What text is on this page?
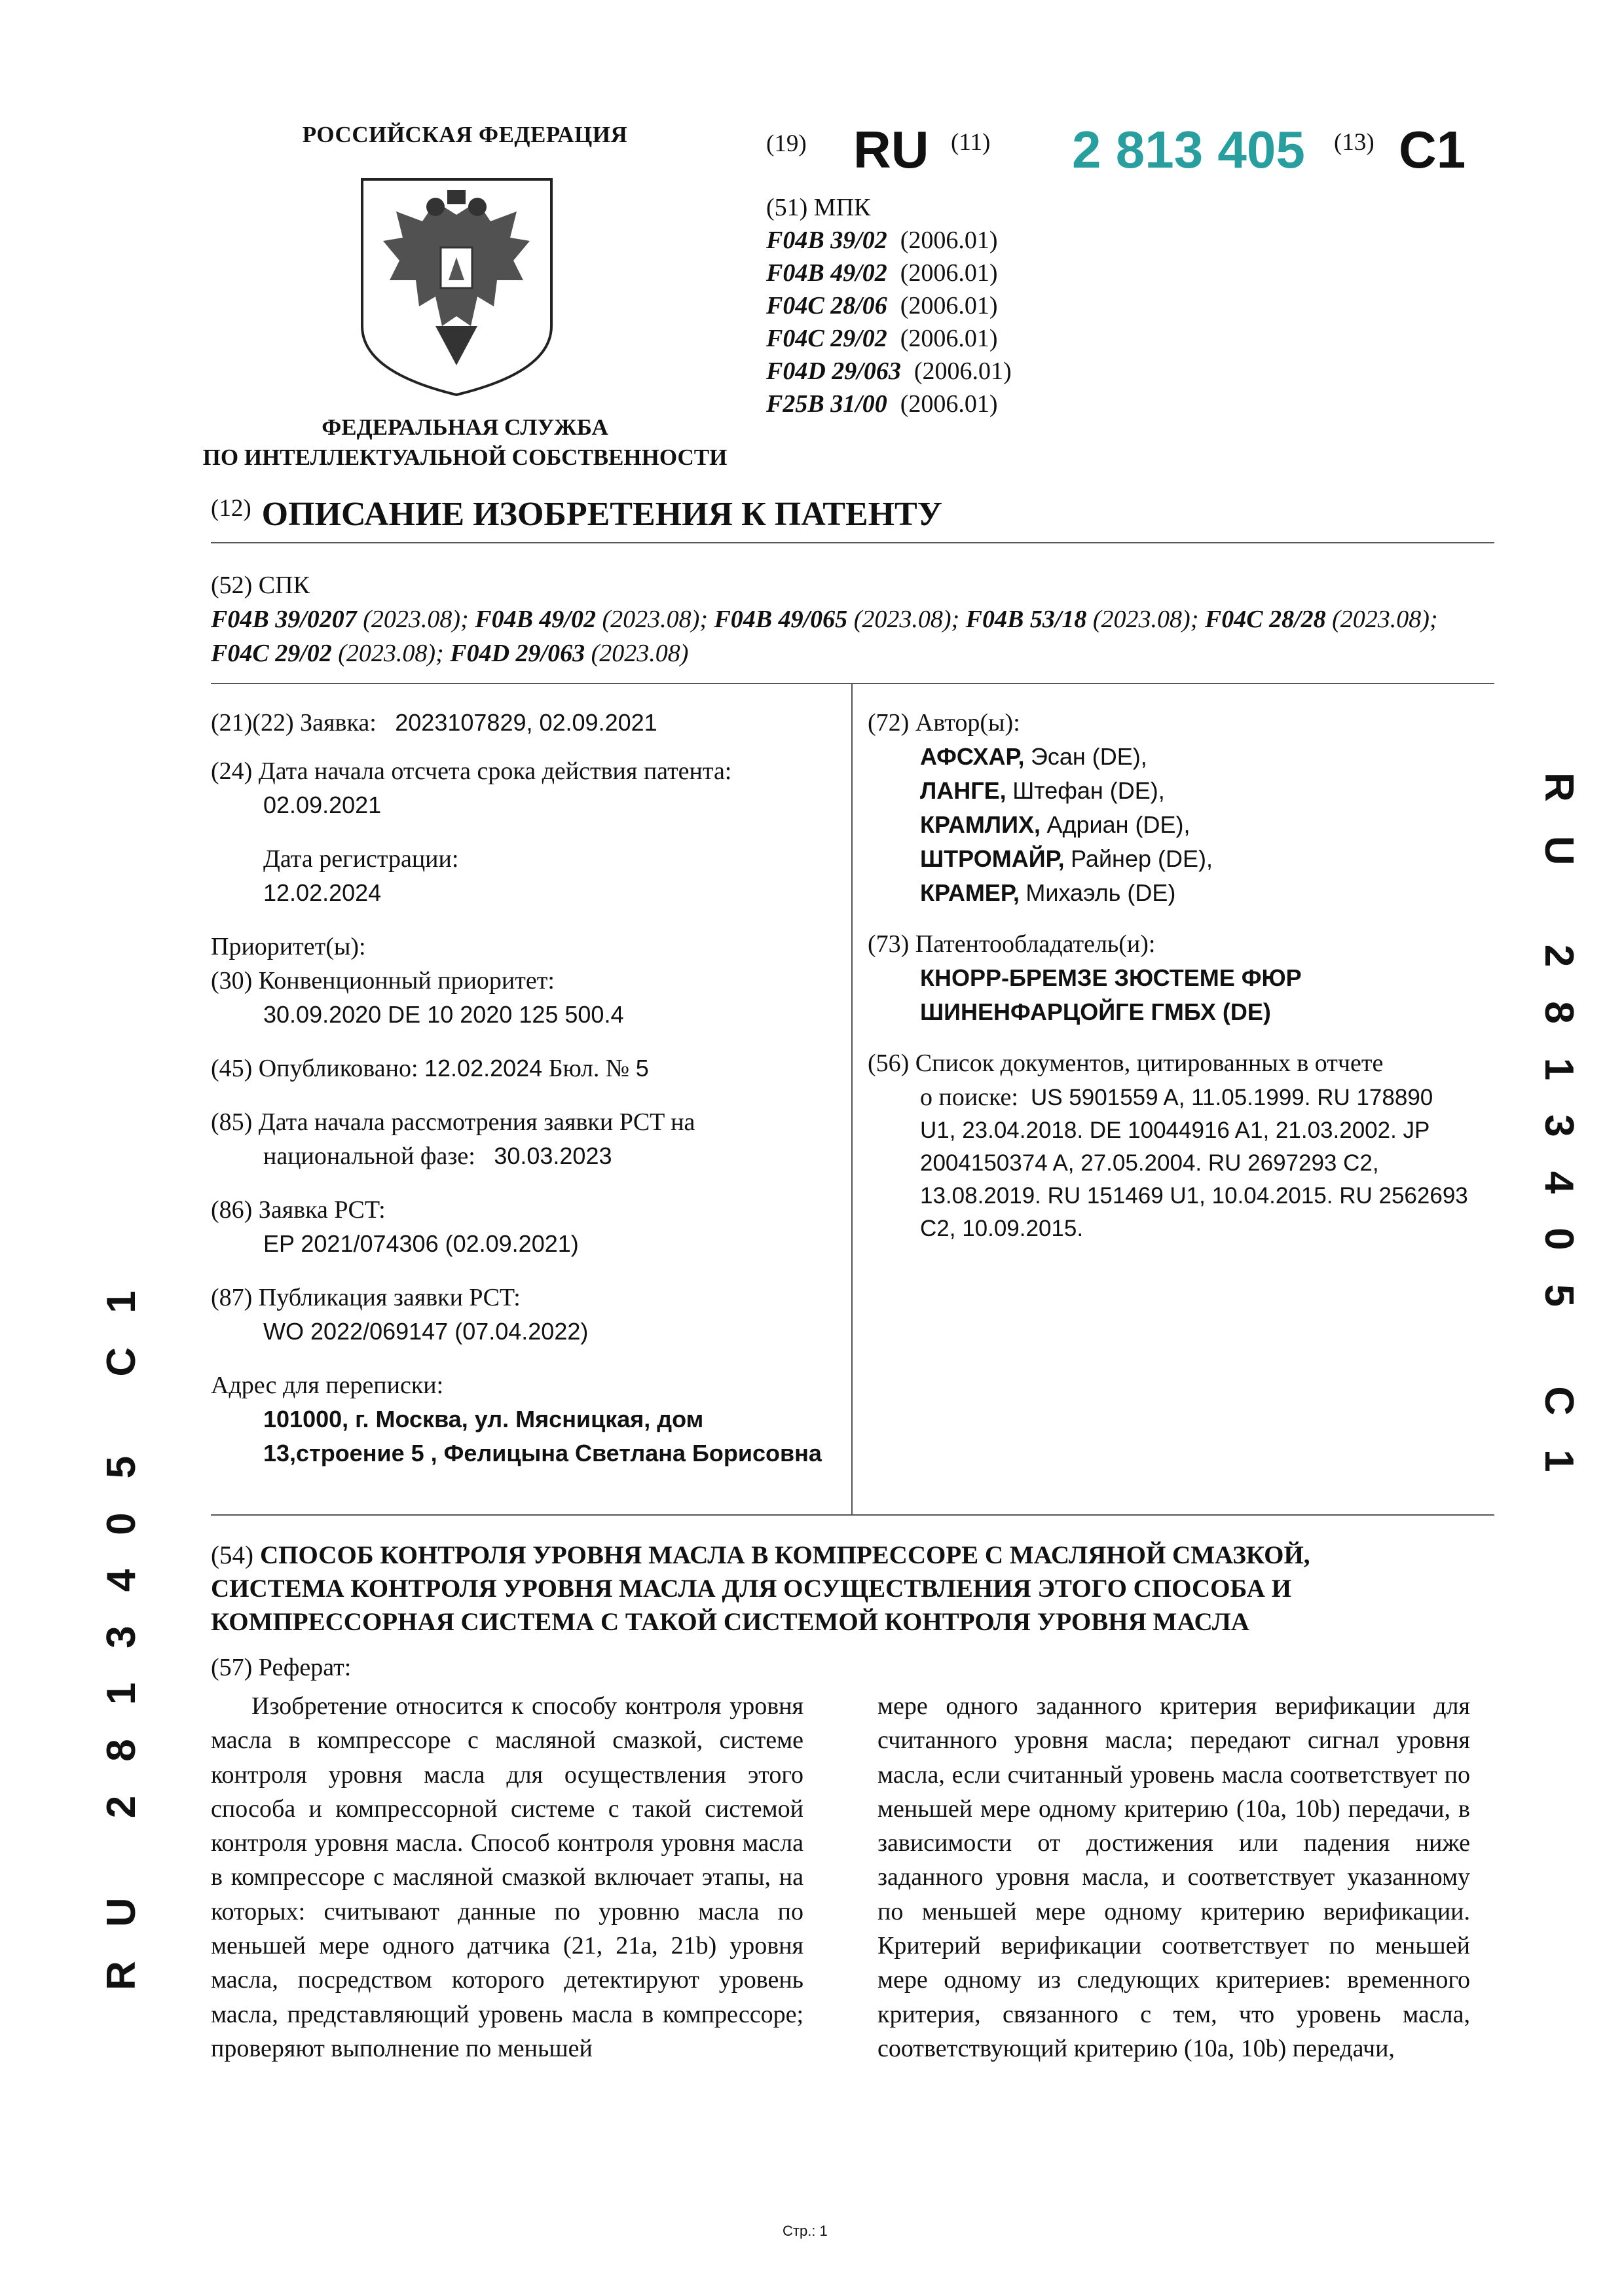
РОССИЙСКАЯ ФЕДЕРАЦИЯ
ФЕДЕРАЛЬНАЯ СЛУЖБА
ПО ИНТЕЛЛЕКТУАЛЬНОЙ СОБСТВЕННОСТИ
(19) RU (11) 2 813 405 (13) C1
(51) МПК
F04B 39/02 (2006.01)
F04B 49/02 (2006.01)
F04C 28/06 (2006.01)
F04C 29/02 (2006.01)
F04D 29/063 (2006.01)
F25B 31/00 (2006.01)
$^{(12)}$ ОПИСАНИЕ ИЗОБРЕТЕНИЯ К ПАТЕНТУ
(52) СПК
F04B 39/0207 (2023.08); F04B 49/02 (2023.08); F04B 49/065 (2023.08); F04B 53/18 (2023.08); F04C 28/28 (2023.08); F04C 29/02 (2023.08); F04D 29/063 (2023.08)
(21)(22) Заявка: 2023107829, 02.09.2021
(24) Дата начала отсчета срока действия патента:
02.09.2021
Дата регистрации:
12.02.2024
Приоритет(ы):
(30) Конвенционный приоритет:
30.09.2020 DE 10 2020 125 500.4
(45) Опубликовано: 12.02.2024 Бюл. № 5
(85) Дата начала рассмотрения заявки PCT на
национальной фазе: 30.03.2023
(86) Заявка PCT:
EP 2021/074306 (02.09.2021)
(87) Публикация заявки PCT:
WO 2022/069147 (07.04.2022)
Адрес для переписки:
101000, г. Москва, ул. Мясницкая, дом
13,строение 5 , Фелицына Светлана Борисовна
(72) Автор(ы):
АФСХАР, Эсан (DE),
ЛАНГЕ, Штефан (DE),
КРАМЛИХ, Адриан (DE),
ШТРОМАЙР, Райнер (DE),
КРАМЕР, Михаэль (DE)
(73) Патентообладатель(и):
КНОРР-БРЕМЗЕ ЗЮСТЕМЕ ФЮР
ШИНЕНФАРЦОЙГЕ ГМБХ (DE)
(56) Список документов, цитированных в отчете
о поиске: US 5901559 A, 11.05.1999. RU 178890
U1, 23.04.2018. DE 10044916 A1, 21.03.2002. JP
2004150374 A, 27.05.2004. RU 2697293 C2,
13.08.2019. RU 151469 U1, 10.04.2015. RU 2562693
C2, 10.09.2015.	RU 2813405 C1
RU 2813405 C1	(54) СПОСОБ КОНТРОЛЯ УРОВНЯ МАСЛА В КОМПРЕССОРЕ С МАСЛЯНОЙ СМАЗКОЙ,
СИСТЕМА КОНТРОЛЯ УРОВНЯ МАСЛА ДЛЯ ОСУЩЕСТВЛЕНИЯ ЭТОГО СПОСОБА И
КОМПРЕССОРНАЯ СИСТЕМА С ТАКОЙ СИСТЕМОЙ КОНТРОЛЯ УРОВНЯ МАСЛА
(57) Реферат:

Изобретение относится к способу контроля уровня масла в компрессоре с масляной смазкой, системе контроля уровня масла для осуществления этого способа и компрессорной системе с такой системой контроля уровня масла. Способ контроля уровня масла в компрессоре с масляной смазкой включает этапы, на которых: считывают данные по уровню масла по меньшей мере одного датчика (21, 21a, 21b) уровня масла, посредством которого детектируют уровень масла, представляющий уровень масла в компрессоре; проверяют выполнение по меньшей

мере одного заданного критерия верификации для считанного уровня масла; передают сигнал уровня масла, если считанный уровень масла соответствует по меньшей мере одному критерию (10a, 10b) передачи, в зависимости от достижения или падения ниже заданного уровня масла, и соответствует указанному по меньшей мере одному критерию верификации. Критерий верификации соответствует по меньшей мере одному из следующих критериев: временного критерия, связанного с тем, что уровень масла, соответствующий критерию (10a, 10b) передачи,

Стр.: 1
